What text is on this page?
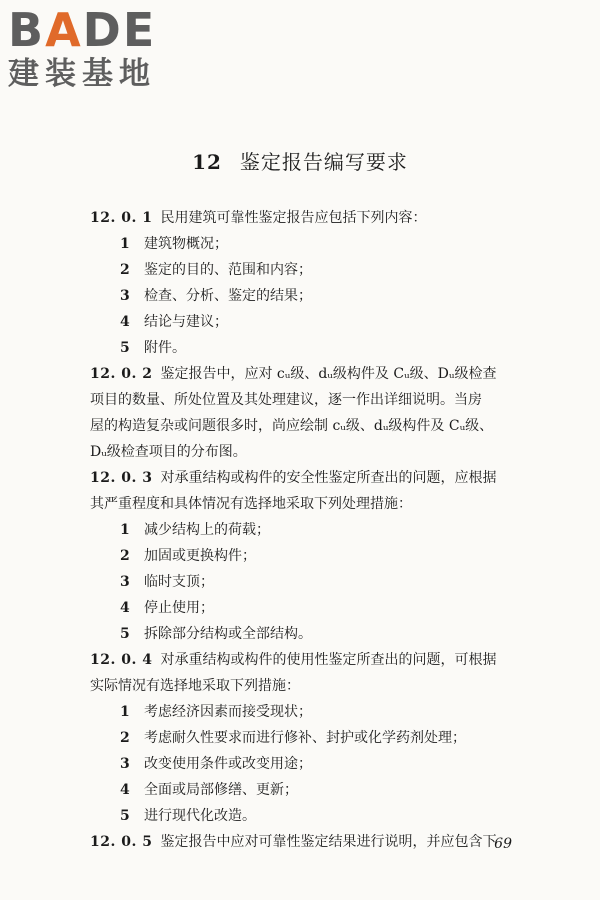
BADE
建装基地
12 鉴定报告编写要求

12. 0. 1 民用建筑可靠性鉴定报告应包括下列内容：

1 建筑物概况；

2 鉴定的目的、范围和内容；

3 检查、分析、鉴定的结果；

4 结论与建议；

5 附件。

12. 0. 2 鉴定报告中，应对 cᵤ级、dᵤ级构件及 Cᵤ级、Dᵤ级检查

项目的数量、所处位置及其处理建议，逐一作出详细说明。当房

屋的构造复杂或问题很多时，尚应绘制 cᵤ级、dᵤ级构件及 Cᵤ级、

Dᵤ级检查项目的分布图。

12. 0. 3 对承重结构或构件的安全性鉴定所查出的问题，应根据

其严重程度和具体情况有选择地采取下列处理措施：

1 减少结构上的荷载；

2 加固或更换构件；

3 临时支顶；

4 停止使用；

5 拆除部分结构或全部结构。

12. 0. 4 对承重结构或构件的使用性鉴定所查出的问题，可根据

实际情况有选择地采取下列措施：

1 考虑经济因素而接受现状；

2 考虑耐久性要求而进行修补、封护或化学药剂处理；

3 改变使用条件或改变用途；

4 全面或局部修缮、更新；

5 进行现代化改造。

12. 0. 5 鉴定报告中应对可靠性鉴定结果进行说明，并应包含下

69
